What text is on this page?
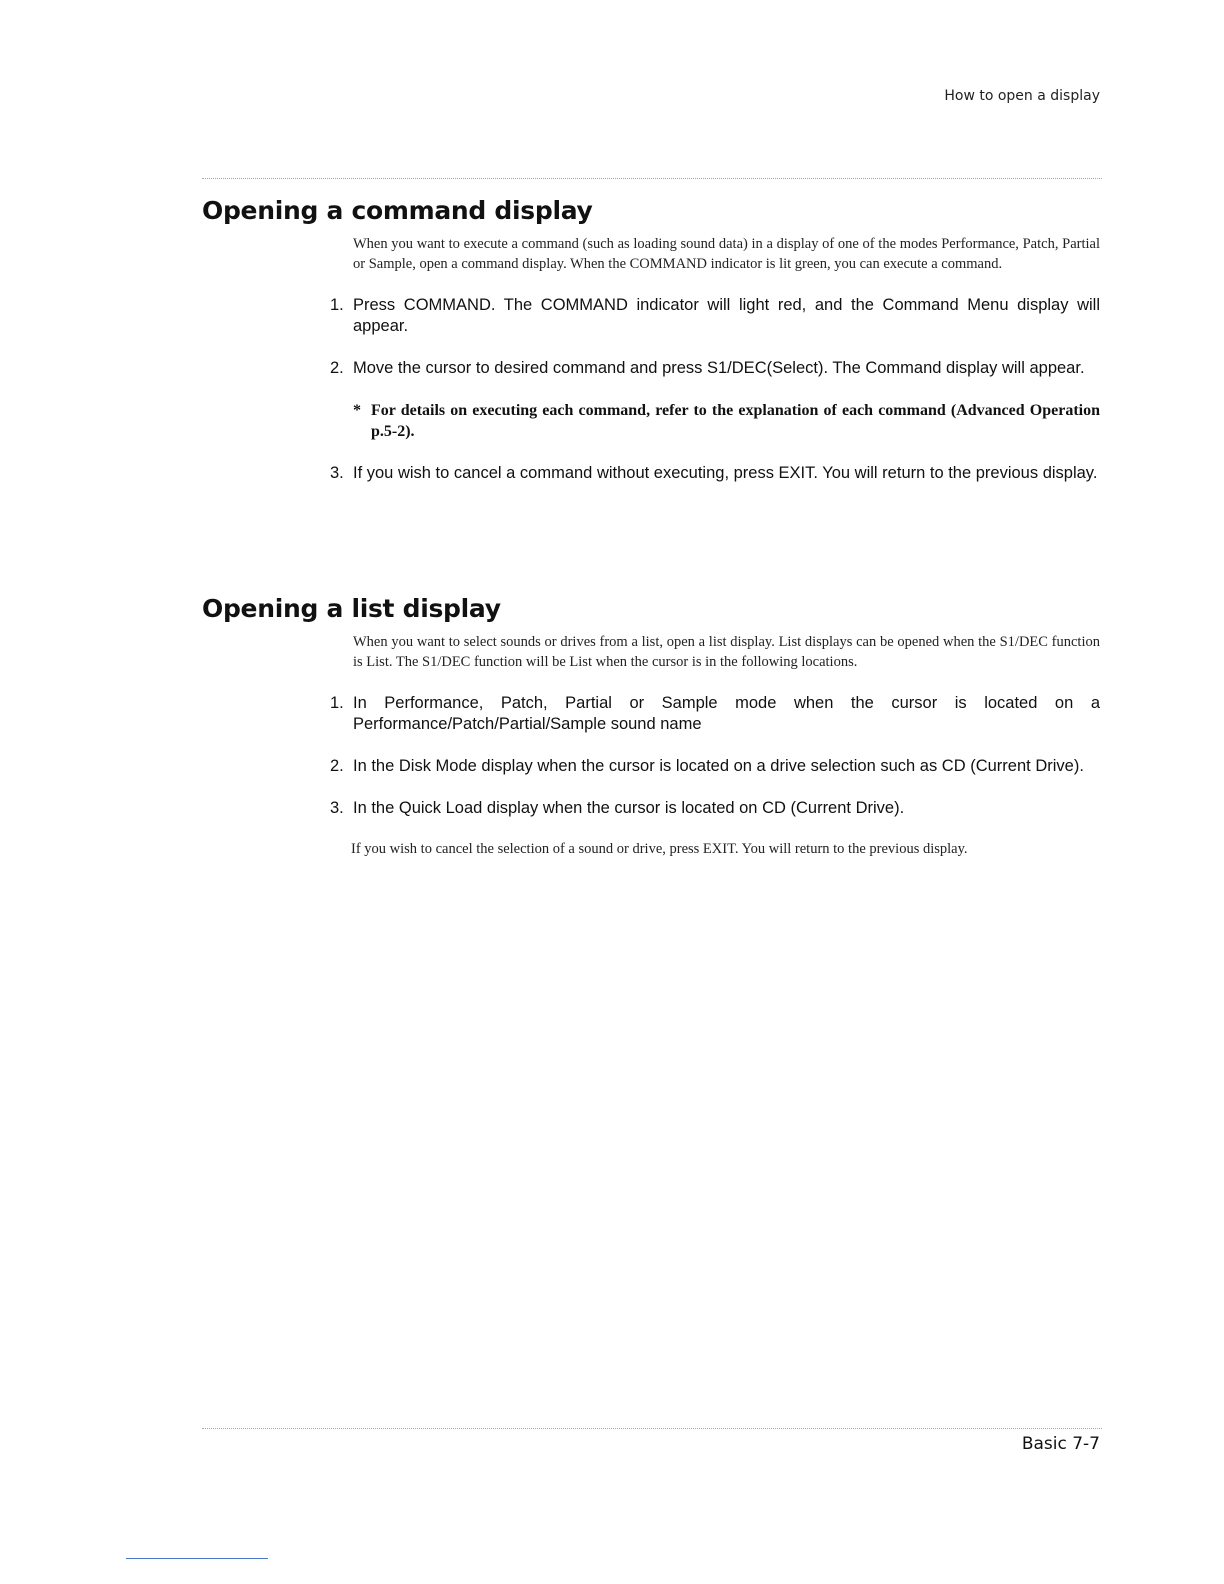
How to open a display
Opening a command display

When you want to execute a command (such as loading sound data) in a display of one of the modes Performance, Patch, Partial or Sample, open a command display. When the COMMAND indicator is lit green, you can execute a command.

1. Press COMMAND. The COMMAND indicator will light red, and the Command Menu display will appear.
2. Move the cursor to desired command and press S1/DEC(Select). The Command display will appear.
* For details on executing each command, refer to the explanation of each command (Advanced Operation p.5-2).
3. If you wish to cancel a command without executing, press EXIT. You will return to the previous display.
Opening a list display

When you want to select sounds or drives from a list, open a list display. List displays can be opened when the S1/DEC function is List. The S1/DEC function will be List when the cursor is in the following locations.

1. In Performance, Patch, Partial or Sample mode when the cursor is located on a Performance/Patch/Partial/Sample sound name
2. In the Disk Mode display when the cursor is located on a drive selection such as CD (Current Drive).
3. In the Quick Load display when the cursor is located on CD (Current Drive).

If you wish to cancel the selection of a sound or drive, press EXIT. You will return to the previous display.

Basic 7-7
